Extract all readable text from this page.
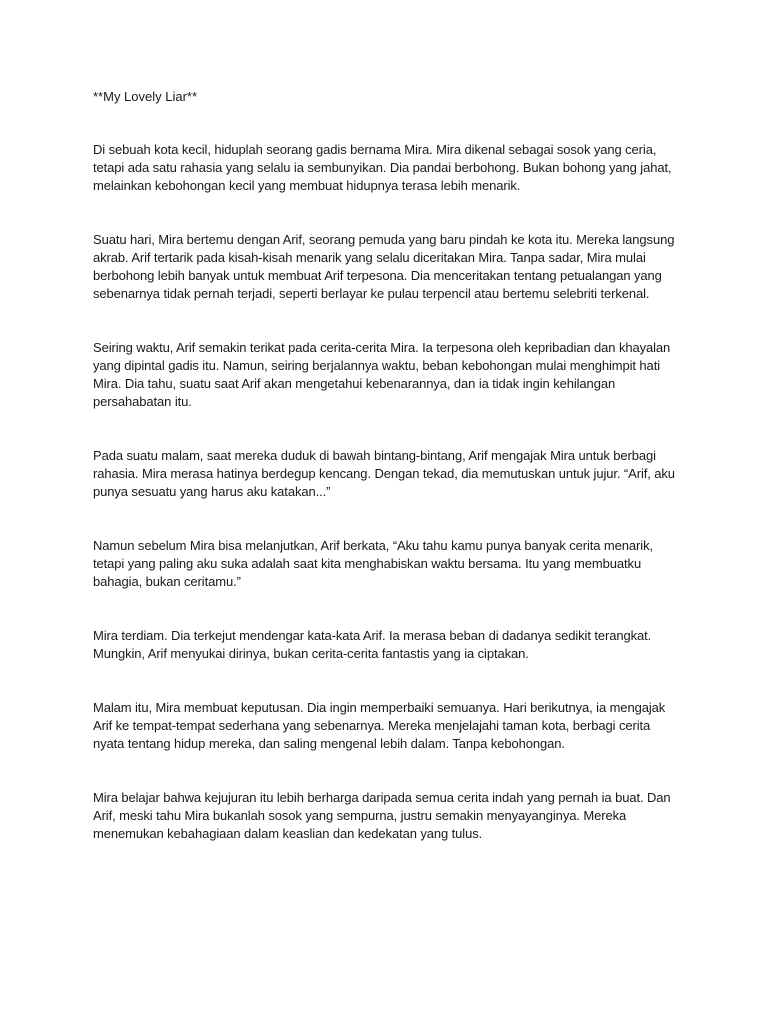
**My Lovely Liar**

Di sebuah kota kecil, hiduplah seorang gadis bernama Mira. Mira dikenal sebagai sosok yang ceria, tetapi ada satu rahasia yang selalu ia sembunyikan. Dia pandai berbohong. Bukan bohong yang jahat, melainkan kebohongan kecil yang membuat hidupnya terasa lebih menarik.

Suatu hari, Mira bertemu dengan Arif, seorang pemuda yang baru pindah ke kota itu. Mereka langsung akrab. Arif tertarik pada kisah-kisah menarik yang selalu diceritakan Mira. Tanpa sadar, Mira mulai berbohong lebih banyak untuk membuat Arif terpesona. Dia menceritakan tentang petualangan yang sebenarnya tidak pernah terjadi, seperti berlayar ke pulau terpencil atau bertemu selebriti terkenal.

Seiring waktu, Arif semakin terikat pada cerita-cerita Mira. Ia terpesona oleh kepribadian dan khayalan yang dipintal gadis itu. Namun, seiring berjalannya waktu, beban kebohongan mulai menghimpit hati Mira. Dia tahu, suatu saat Arif akan mengetahui kebenarannya, dan ia tidak ingin kehilangan persahabatan itu.

Pada suatu malam, saat mereka duduk di bawah bintang-bintang, Arif mengajak Mira untuk berbagi rahasia. Mira merasa hatinya berdegup kencang. Dengan tekad, dia memutuskan untuk jujur. “Arif, aku punya sesuatu yang harus aku katakan...”

Namun sebelum Mira bisa melanjutkan, Arif berkata, “Aku tahu kamu punya banyak cerita menarik, tetapi yang paling aku suka adalah saat kita menghabiskan waktu bersama. Itu yang membuatku bahagia, bukan ceritamu.”

Mira terdiam. Dia terkejut mendengar kata-kata Arif. Ia merasa beban di dadanya sedikit terangkat. Mungkin, Arif menyukai dirinya, bukan cerita-cerita fantastis yang ia ciptakan.

Malam itu, Mira membuat keputusan. Dia ingin memperbaiki semuanya. Hari berikutnya, ia mengajak Arif ke tempat-tempat sederhana yang sebenarnya. Mereka menjelajahi taman kota, berbagi cerita nyata tentang hidup mereka, dan saling mengenal lebih dalam. Tanpa kebohongan.

Mira belajar bahwa kejujuran itu lebih berharga daripada semua cerita indah yang pernah ia buat. Dan Arif, meski tahu Mira bukanlah sosok yang sempurna, justru semakin menyayanginya. Mereka menemukan kebahagiaan dalam keaslian dan kedekatan yang tulus.
